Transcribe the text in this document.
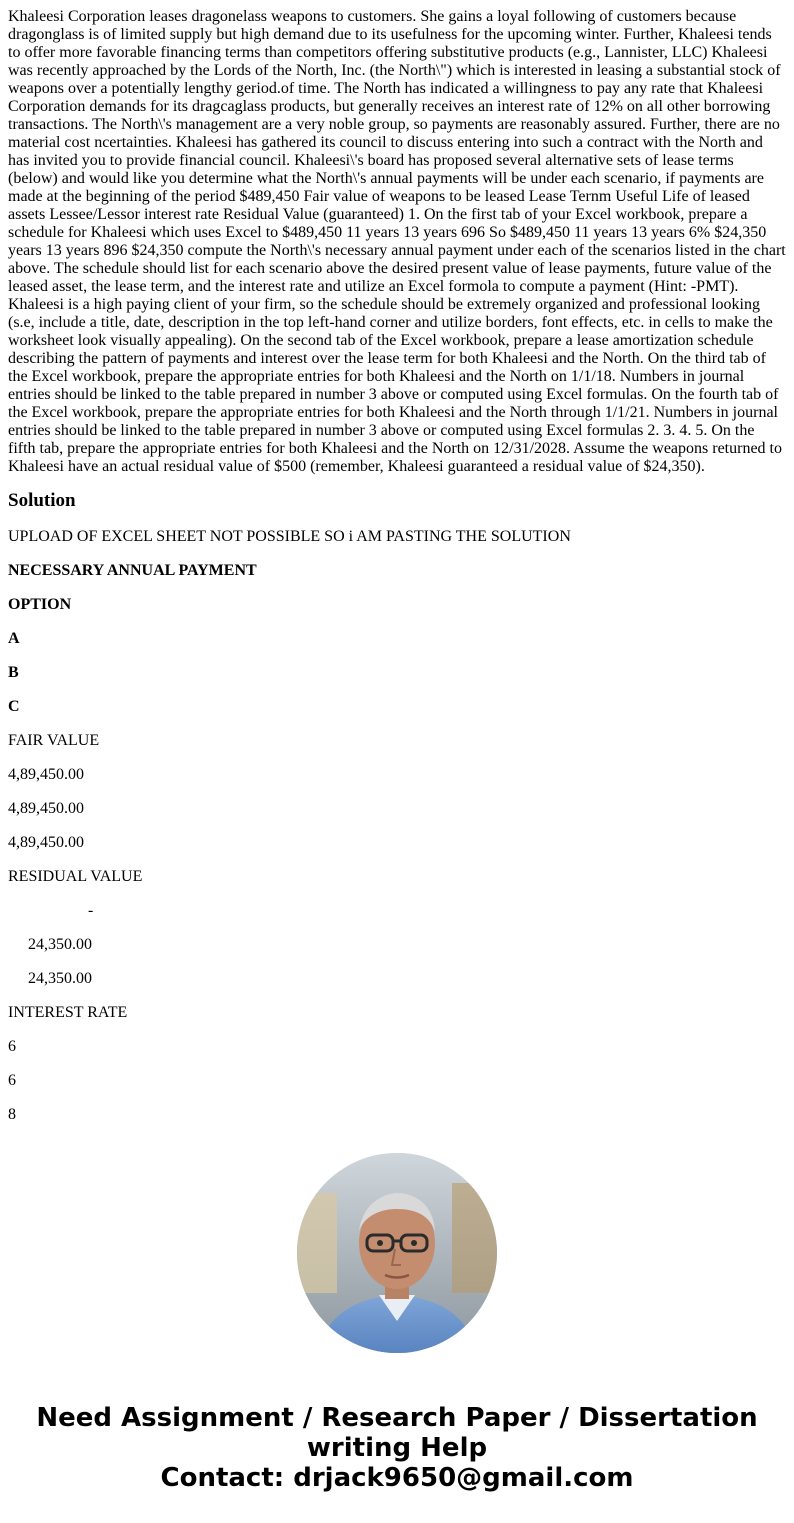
Khaleesi Corporation leases dragonelass weapons to customers. She gains a loyal following of customers because dragonglass is of limited supply but high demand due to its usefulness for the upcoming winter. Further, Khaleesi tends to offer more favorable financing terms than competitors offering substitutive products (e.g., Lannister, LLC) Khaleesi was recently approached by the Lords of the North, Inc. (the North\") which is interested in leasing a substantial stock of weapons over a potentially lengthy geriod.of time. The North has indicated a willingness to pay any rate that Khaleesi Corporation demands for its dragcaglass products, but generally receives an interest rate of 12% on all other borrowing transactions. The North\'s management are a very noble group, so payments are reasonably assured. Further, there are no material cost ncertainties. Khaleesi has gathered its council to discuss entering into such a contract with the North and has invited you to provide financial council. Khaleesi\'s board has proposed several alternative sets of lease terms (below) and would like you determine what the North\'s annual payments will be under each scenario, if payments are made at the beginning of the period $489,450 Fair value of weapons to be leased Lease Ternm Useful Life of leased assets Lessee/Lessor interest rate Residual Value (guaranteed) 1. On the first tab of your Excel workbook, prepare a schedule for Khaleesi which uses Excel to $489,450 11 years 13 years 696 So $489,450 11 years 13 years 6% $24,350 years 13 years 896 $24,350 compute the North\'s necessary annual payment under each of the scenarios listed in the chart above. The schedule should list for each scenario above the desired present value of lease payments, future value of the leased asset, the lease term, and the interest rate and utilize an Excel formola to compute a payment (Hint: -PMT). Khaleesi is a high paying client of your firm, so the schedule should be extremely organized and professional looking (s.e, include a title, date, description in the top left-hand corner and utilize borders, font effects, etc. in cells to make the worksheet look visually appealing). On the second tab of the Excel workbook, prepare a lease amortization schedule describing the pattern of payments and interest over the lease term for both Khaleesi and the North. On the third tab of the Excel workbook, prepare the appropriate entries for both Khaleesi and the North on 1/1/18. Numbers in journal entries should be linked to the table prepared in number 3 above or computed using Excel formulas. On the fourth tab of the Excel workbook, prepare the appropriate entries for both Khaleesi and the North through 1/1/21. Numbers in journal entries should be linked to the table prepared in number 3 above or computed using Excel formulas 2. 3. 4. 5. On the fifth tab, prepare the appropriate entries for both Khaleesi and the North on 12/31/2028. Assume the weapons returned to Khaleesi have an actual residual value of $500 (remember, Khaleesi guaranteed a residual value of $24,350).

Solution

UPLOAD OF EXCEL SHEET NOT POSSIBLE SO i AM PASTING THE SOLUTION

NECESSARY ANNUAL PAYMENT

OPTION

A

B

C

FAIR VALUE

4,89,450.00

4,89,450.00

4,89,450.00

RESIDUAL VALUE

-

24,350.00

24,350.00

INTEREST RATE

6

6

8

Need Assignment / Research Paper / Dissertation
writing Help
Contact: drjack9650@gmail.com
